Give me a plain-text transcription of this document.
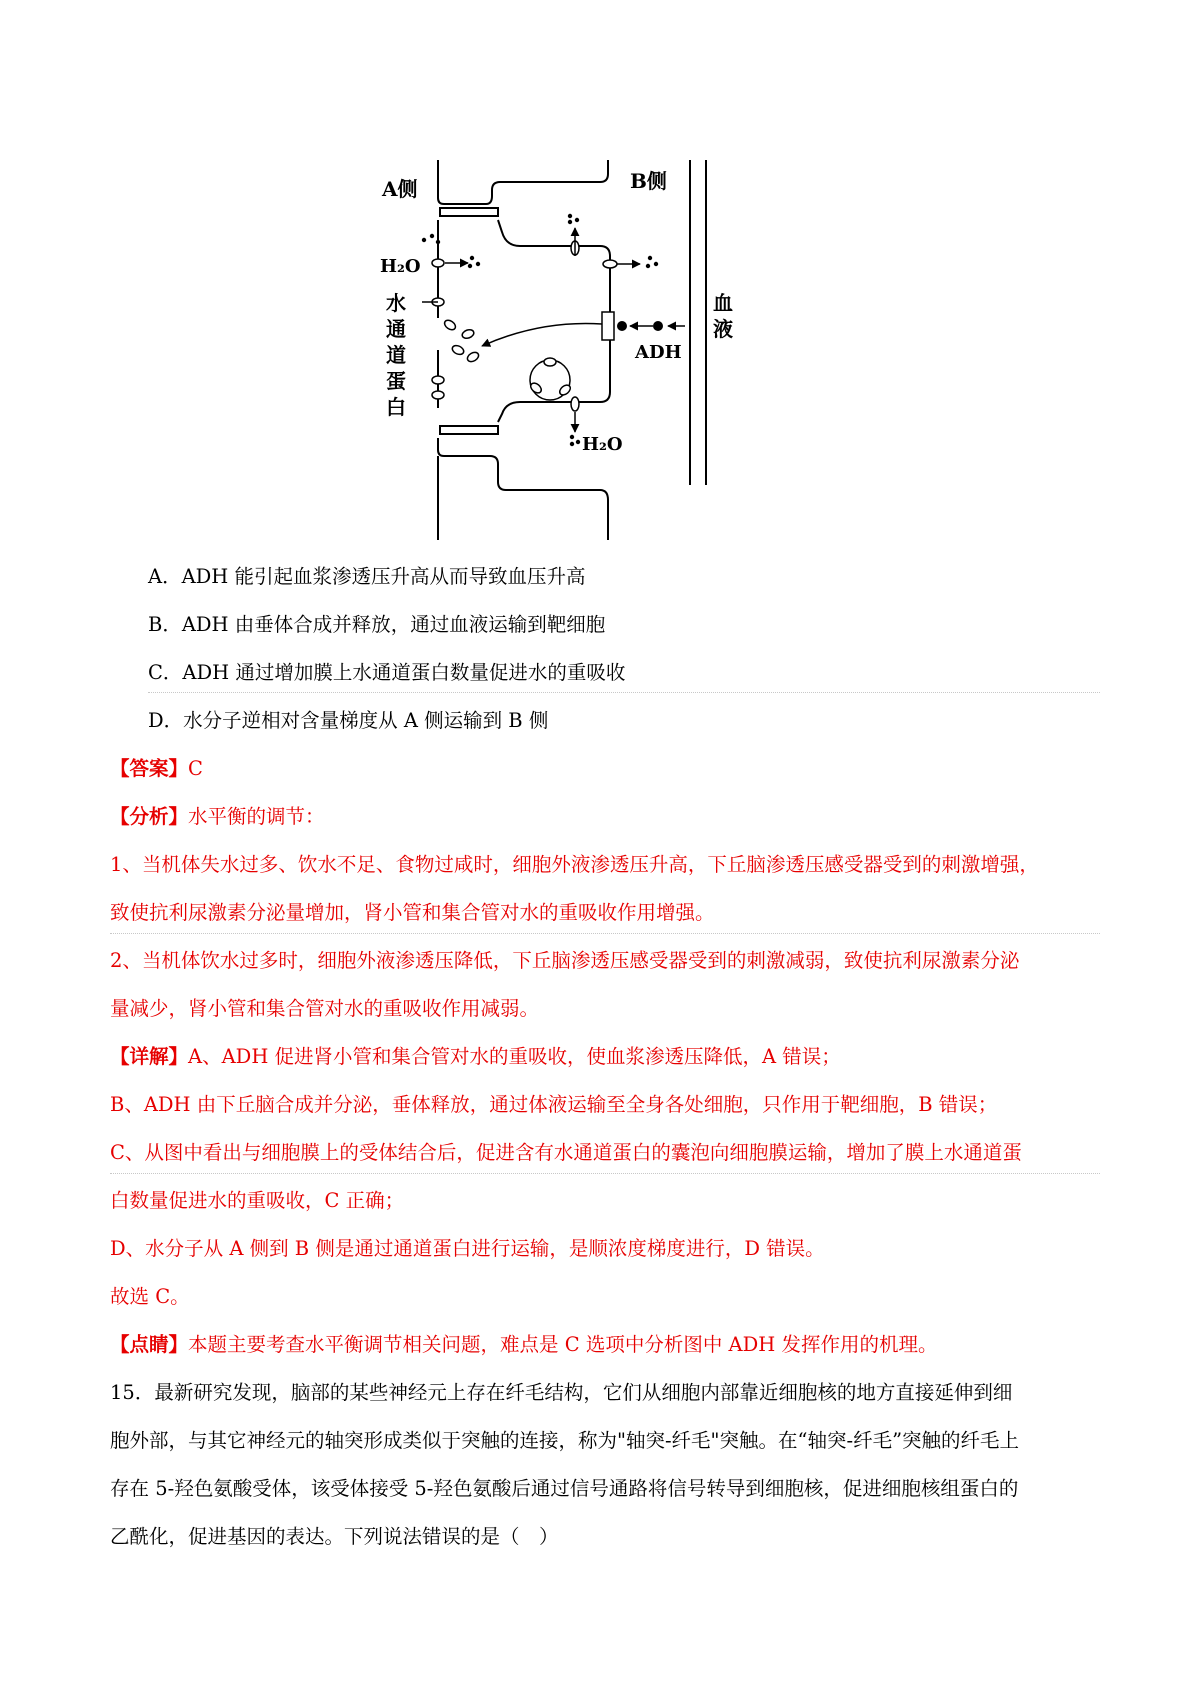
A侧	B侧
H₂O
H₂O
水
通
道
蛋
白
血
液
ADH
A．ADH 能引起血浆渗透压升高从而导致血压升高
B．ADH 由垂体合成并释放，通过血液运输到靶细胞
C．ADH 通过增加膜上水通道蛋白数量促进水的重吸收
D．水分子逆相对含量梯度从 A 侧运输到 B 侧
【答案】C
【分析】水平衡的调节：
1、当机体失水过多、饮水不足、食物过咸时，细胞外液渗透压升高，下丘脑渗透压感受器受到的刺激增强，
致使抗利尿激素分泌量增加，肾小管和集合管对水的重吸收作用增强。
2、当机体饮水过多时，细胞外液渗透压降低，下丘脑渗透压感受器受到的刺激减弱，致使抗利尿激素分泌
量减少，肾小管和集合管对水的重吸收作用减弱。
【详解】A、ADH 促进肾小管和集合管对水的重吸收，使血浆渗透压降低，A 错误；
B、ADH 由下丘脑合成并分泌，垂体释放，通过体液运输至全身各处细胞，只作用于靶细胞，B 错误；
C、从图中看出与细胞膜上的受体结合后，促进含有水通道蛋白的囊泡向细胞膜运输，增加了膜上水通道蛋
白数量促进水的重吸收，C 正确；
D、水分子从 A 侧到 B 侧是通过通道蛋白进行运输，是顺浓度梯度进行，D 错误。
故选 C。
【点睛】本题主要考查水平衡调节相关问题，难点是 C 选项中分析图中 ADH 发挥作用的机理。
15．最新研究发现，脑部的某些神经元上存在纤毛结构，它们从细胞内部靠近细胞核的地方直接延伸到细
胞外部，与其它神经元的轴突形成类似于突触的连接，称为"轴突-纤毛"突触。在“轴突-纤毛”突触的纤毛上
存在 5-羟色氨酸受体，该受体接受 5-羟色氨酸后通过信号通路将信号转导到细胞核，促进细胞核组蛋白的
乙酰化，促进基因的表达。下列说法错误的是（　）
